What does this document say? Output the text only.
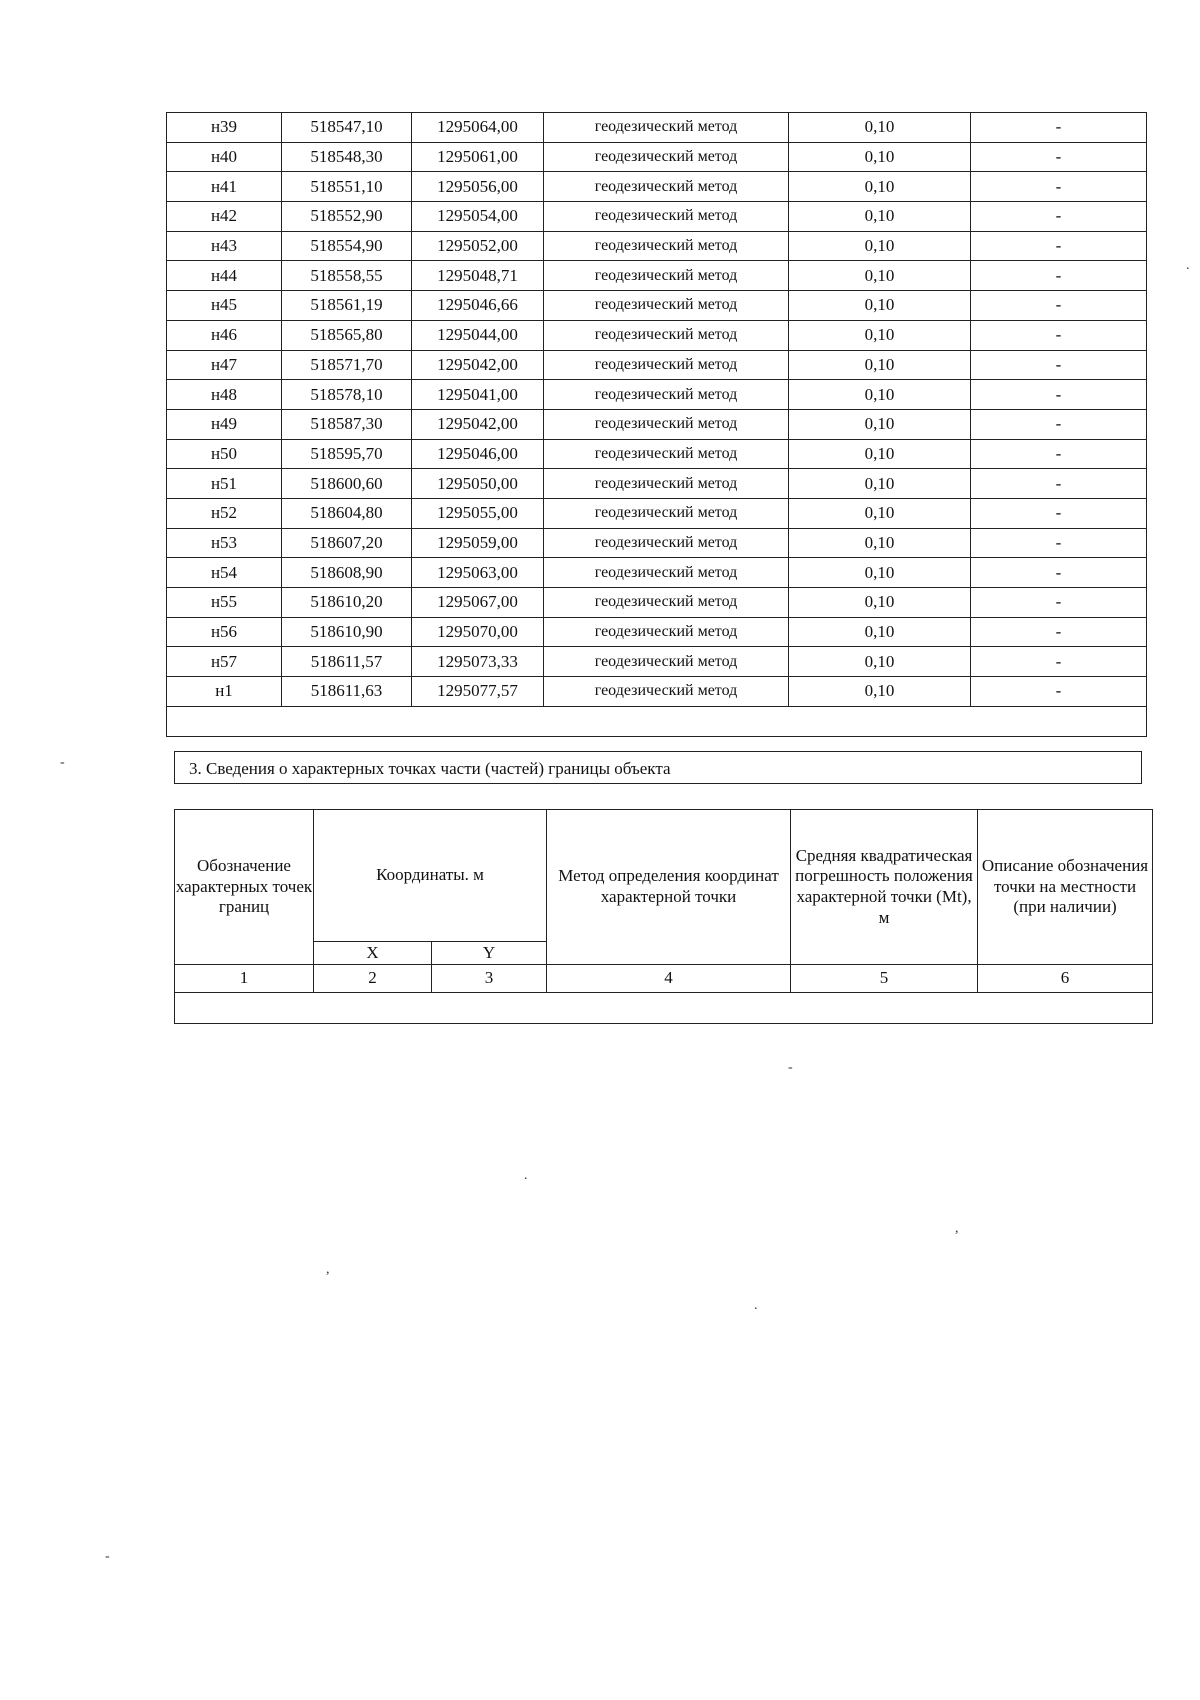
н39	518547,10	1295064,00	геодезический метод	0,10	-
н40	518548,30	1295061,00	геодезический метод	0,10	-
н41	518551,10	1295056,00	геодезический метод	0,10	-
н42	518552,90	1295054,00	геодезический метод	0,10	-
н43	518554,90	1295052,00	геодезический метод	0,10	-
н44	518558,55	1295048,71	геодезический метод	0,10	-
н45	518561,19	1295046,66	геодезический метод	0,10	-
н46	518565,80	1295044,00	геодезический метод	0,10	-
н47	518571,70	1295042,00	геодезический метод	0,10	-
н48	518578,10	1295041,00	геодезический метод	0,10	-
н49	518587,30	1295042,00	геодезический метод	0,10	-
н50	518595,70	1295046,00	геодезический метод	0,10	-
н51	518600,60	1295050,00	геодезический метод	0,10	-
н52	518604,80	1295055,00	геодезический метод	0,10	-
н53	518607,20	1295059,00	геодезический метод	0,10	-
н54	518608,90	1295063,00	геодезический метод	0,10	-
н55	518610,20	1295067,00	геодезический метод	0,10	-
н56	518610,90	1295070,00	геодезический метод	0,10	-
н57	518611,57	1295073,33	геодезический метод	0,10	-
н1	518611,63	1295077,57	геодезический метод	0,10	-

3. Сведения о характерных точках части (частей) границы объекта
Обозначение характерных точек границ	Координаты. м		Метод определения координат характерной точки	Средняя квадратическая погрешность положения характерной точки (Mt), м	Описание обозначения точки на местности (при наличии)
	X	Y			
1	2	3	4	5	6

-
.
,
,
.
.
-
-
